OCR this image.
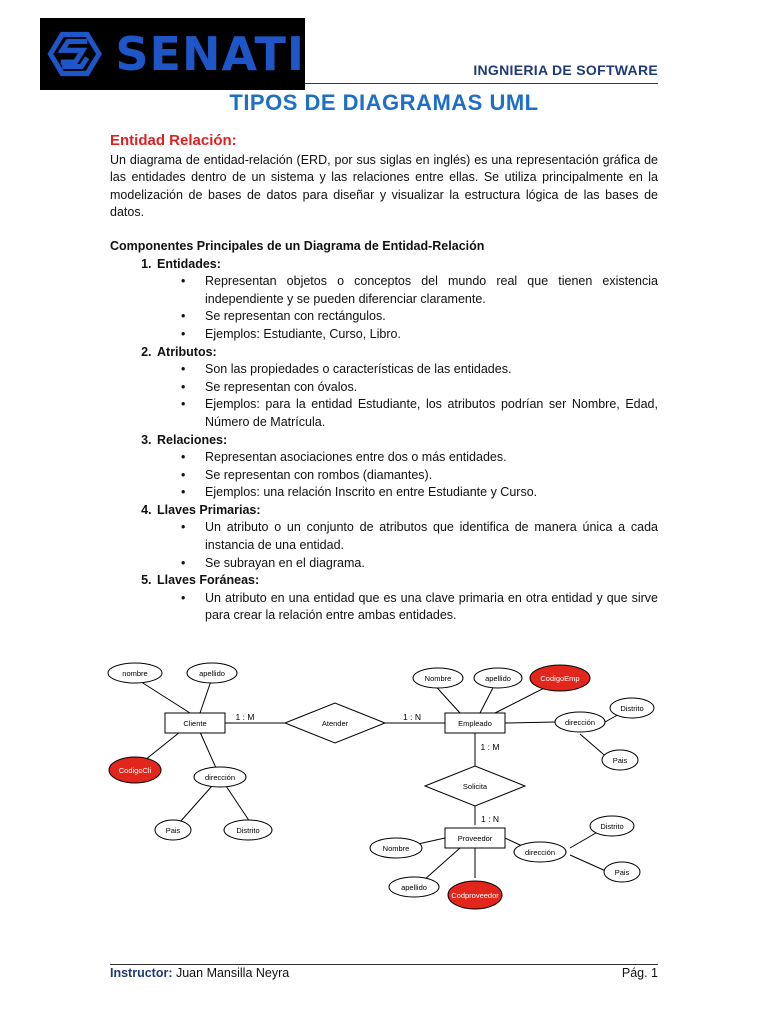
SENATI	INGNIERIA DE SOFTWARE
TIPOS DE DIAGRAMAS UML
Entidad Relación:

Un diagrama de entidad-relación (ERD, por sus siglas en inglés) es una representación gráfica de las entidades dentro de un sistema y las relaciones entre ellas. Se utiliza principalmente en la modelización de bases de datos para diseñar y visualizar la estructura lógica de las bases de datos.

Componentes Principales de un Diagrama de Entidad-Relación
1. Entidades:
• Representan objetos o conceptos del mundo real que tienen existencia independiente y se pueden diferenciar claramente.
• Se representan con rectángulos.
• Ejemplos: Estudiante, Curso, Libro.
2. Atributos:
• Son las propiedades o características de las entidades.
• Se representan con óvalos.
• Ejemplos: para la entidad Estudiante, los atributos podrían ser Nombre, Edad, Número de Matrícula.
3. Relaciones:
• Representan asociaciones entre dos o más entidades.
• Se representan con rombos (diamantes).
• Ejemplos: una relación Inscrito en entre Estudiante y Curso.
4. Llaves Primarias:
• Un atributo o un conjunto de atributos que identifica de manera única a cada instancia de una entidad.
• Se subrayan en el diagrama.
5. Llaves Foráneas:
• Un atributo en una entidad que es una clave primaria en otra entidad y que sirve para crear la relación entre ambas entidades.
Cliente	Empleado
Proveedor
Atender
Solicita
1 : M	1 : N
1 : M
1 : N
nombre	apellido
CodigoCli
dirección
Pais	Distrito
Nombre	apellido	CodigoEmp
dirección
Distrito
Pais
Nombre
apellido
Codproveedor
dirección
Distrito
Pais
Instructor: Juan Mansilla Neyra	Pág. 1
